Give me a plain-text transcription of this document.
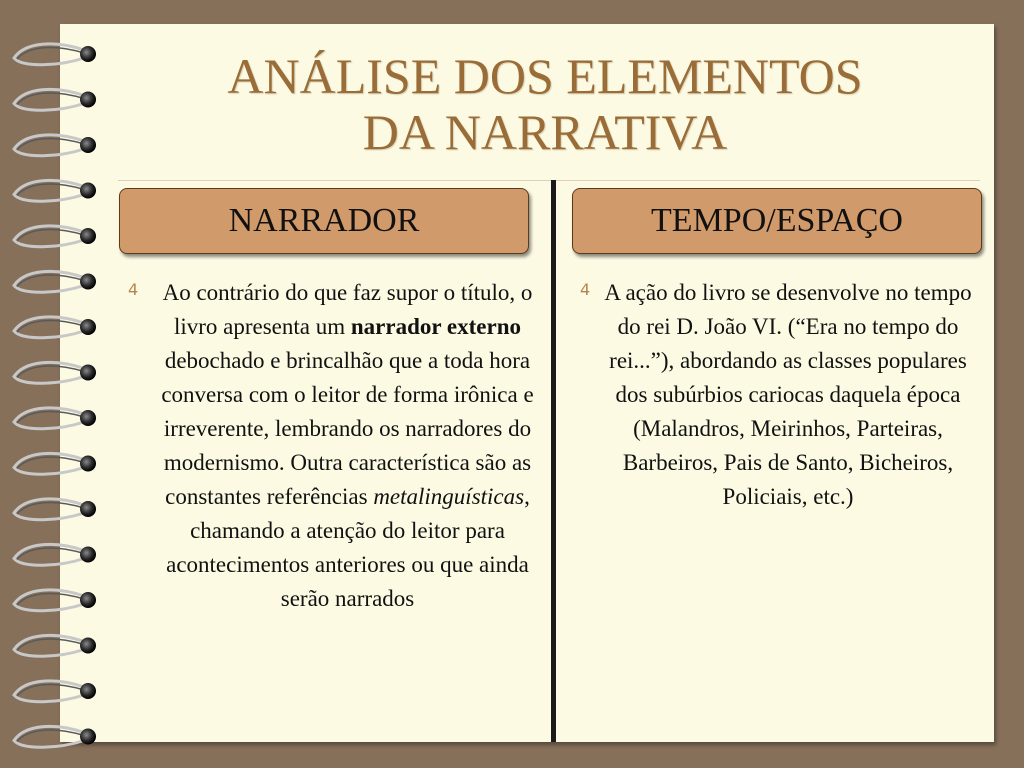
ANÁLISE DOS ELEMENTOS
DA NARRATIVA
NARRADOR	TEMPO/ESPAÇO
4	Ao contrário do que faz supor o título, o livro apresenta um narrador externo debochado e brincalhão que a toda hora conversa com o leitor de forma irônica e irreverente, lembrando os narradores do modernismo. Outra característica são as constantes referências metalinguísticas, chamando a atenção do leitor para acontecimentos anteriores ou que ainda serão narrados
4 A ação do livro se desenvolve no tempo do rei D. João VI. (“Era no tempo do rei...”), abordando as classes populares dos subúrbios cariocas daquela época (Malandros, Meirinhos, Parteiras, Barbeiros, Pais de Santo, Bicheiros, Policiais, etc.)
